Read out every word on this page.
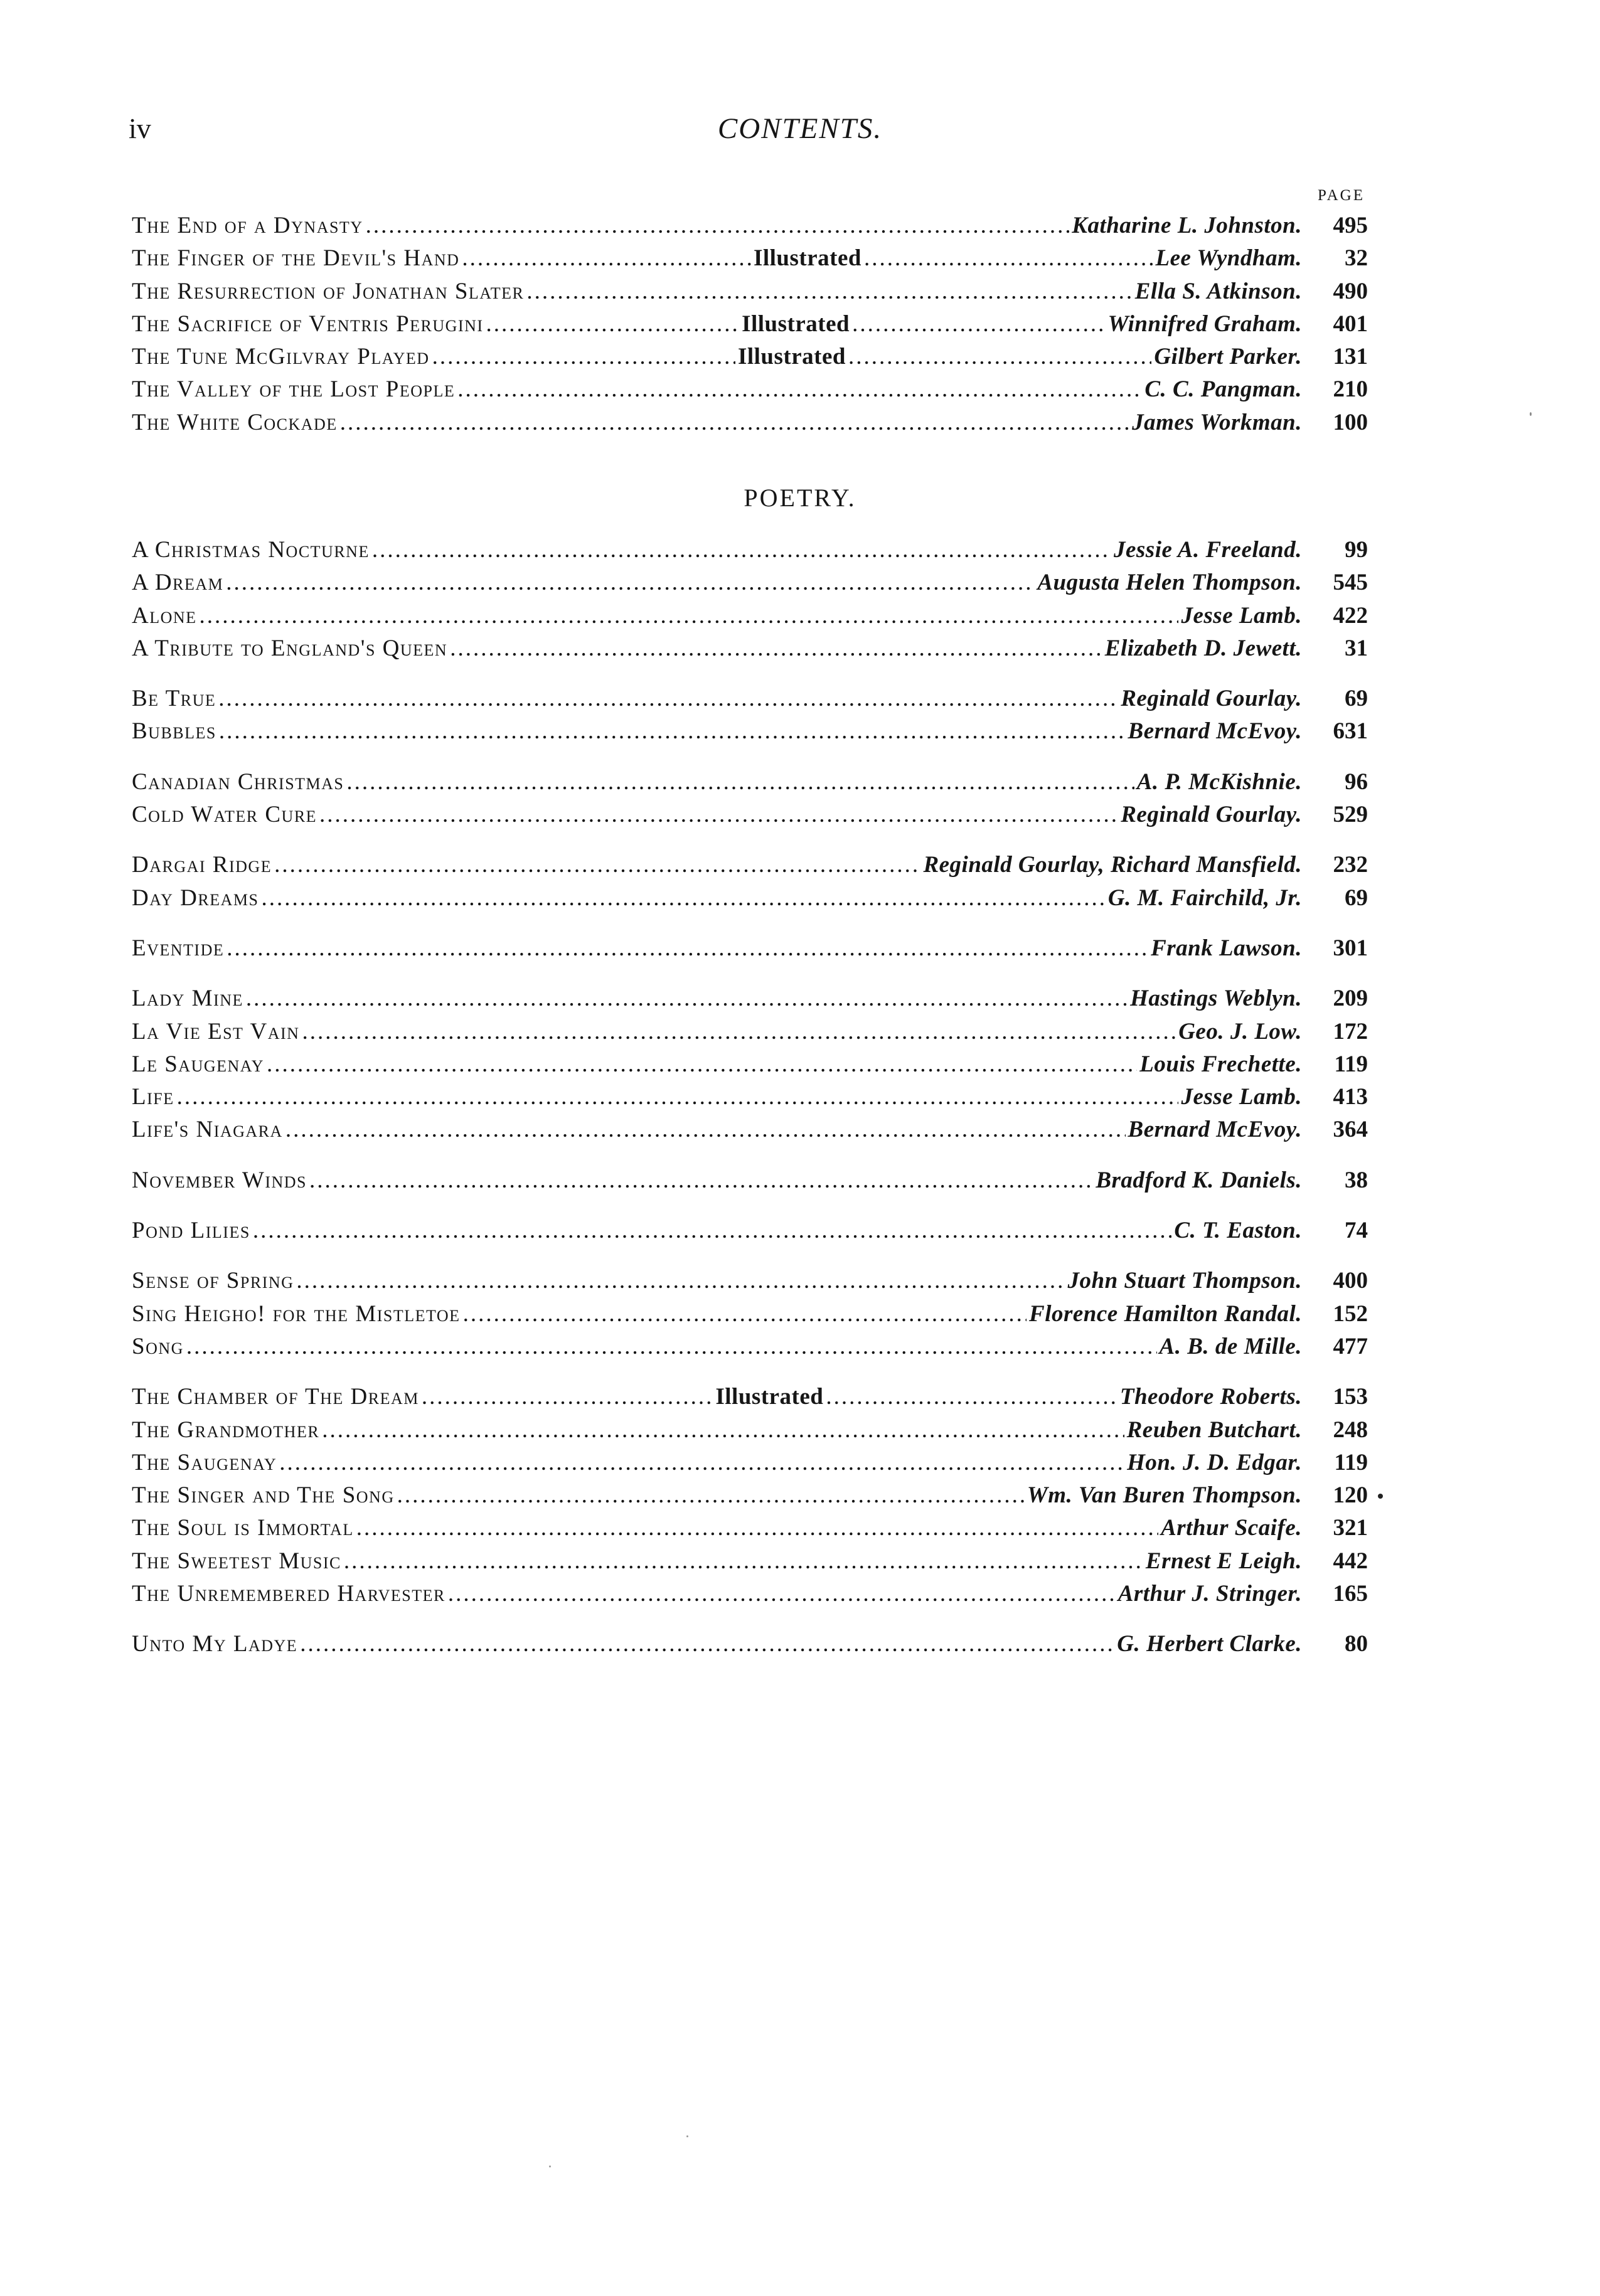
iv	CONTENTS.
PAGE
The End of a Dynasty .....	Katharine L. Johnston.	495
The Finger of the Devil's Hand .....	Illustrated .....	Lee Wyndham.	32
The Resurrection of Jonathan Slater .....	Ella S. Atkinson.	490
The Sacrifice of Ventris Perugini .....	Illustrated .....	Winnifred Graham.	401
The Tune McGilvray Played .....	Illustrated .....	Gilbert Parker.	131
The Valley of the Lost People .....	C. C. Pangman.	210
The White Cockade .....	James Workman.	100
POETRY.
A Christmas Nocturne .....	Jessie A. Freeland.	99
A Dream .....	Augusta Helen Thompson.	545
Alone .....	Jesse Lamb.	422
A Tribute to England's Queen .....	Elizabeth D. Jewett.	31
Be True .....	Reginald Gourlay.	69
Bubbles .....	Bernard McEvoy.	631
Canadian Christmas .....	A. P. McKishnie.	96
Cold Water Cure .....	Reginald Gourlay.	529
Dargai Ridge .....	Reginald Gourlay, Richard Mansfield.	232
Day Dreams .....	G. M. Fairchild, Jr.	69
Eventide .....	Frank Lawson.	301
Lady Mine .....	Hastings Weblyn.	209
La Vie Est Vain .....	Geo. J. Low.	172
Le Saugenay .....	Louis Frechette.	119
Life .....	Jesse Lamb.	413
Life's Niagara .....	Bernard McEvoy.	364
November Winds .....	Bradford K. Daniels.	38
Pond Lilies .....	C. T. Easton.	74
Sense of Spring .....	John Stuart Thompson.	400
Sing Heigho! for the Mistletoe .....	Florence Hamilton Randal.	152
Song .....	A. B. de Mille.	477
The Chamber of The Dream .....	Illustrated .....	Theodore Roberts.	153
The Grandmother .....	Reuben Butchart.	248
The Saugenay .....	Hon. J. D. Edgar.	119
The Singer and The Song .....	Wm. Van Buren Thompson.	120
The Soul is Immortal .....	Arthur Scaife.	321
The Sweetest Music .....	Ernest E Leigh.	442
The Unremembered Harvester .....	Arthur J. Stringer.	165
Unto My Ladye .....	G. Herbert Clarke.	80
